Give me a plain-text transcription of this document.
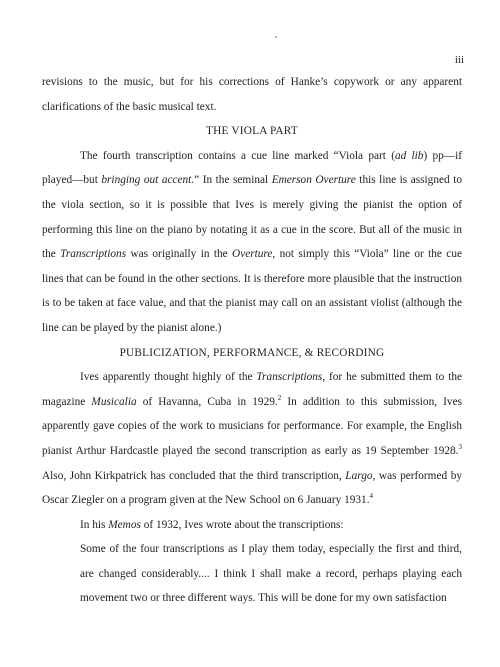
iii

revisions to the music, but for his corrections of Hanke’s copywork or any apparent clarifications of the basic musical text.

THE VIOLA PART

The fourth transcription contains a cue line marked “Viola part (ad lib) pp—if played—but bringing out accent.” In the seminal Emerson Overture this line is assigned to the viola section, so it is possible that Ives is merely giving the pianist the option of performing this line on the piano by notating it as a cue in the score. But all of the music in the Transcriptions was originally in the Overture, not simply this “Viola” line or the cue lines that can be found in the other sections. It is therefore more plausible that the instruction is to be taken at face value, and that the pianist may call on an assistant violist (although the line can be played by the pianist alone.)

PUBLICIZATION, PERFORMANCE, & RECORDING

Ives apparently thought highly of the Transcriptions, for he submitted them to the magazine Musicalia of Havanna, Cuba in 1929.$^2$ In addition to this submission, Ives apparently gave copies of the work to musicians for performance. For example, the English pianist Arthur Hardcastle played the second transcription as early as 19 September 1928.$^3$ Also, John Kirkpatrick has concluded that the third transcription, Largo, was performed by Oscar Ziegler on a program given at the New School on 6 January 1931.$^4$

In his Memos of 1932, Ives wrote about the transcriptions:

Some of the four transcriptions as I play them today, especially the first and third, are changed considerably.... I think I shall make a record, perhaps playing each movement two or three different ways. This will be done for my own satisfaction
